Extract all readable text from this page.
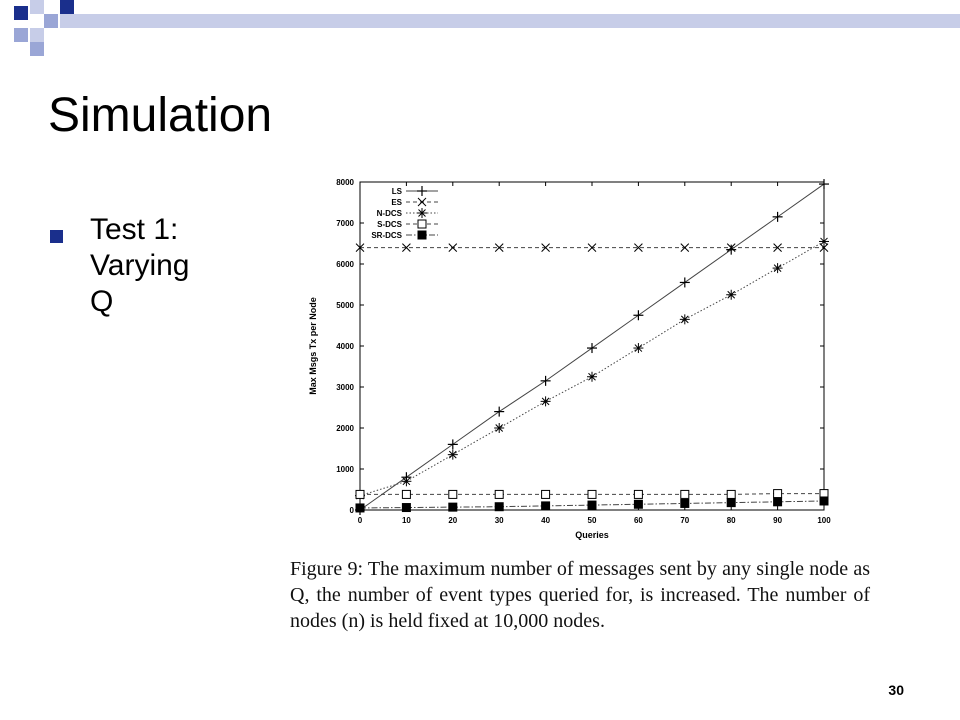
Simulation
Test 1:
Varying
Q
0	10	20	30	40	50	60	70	80	90	100
0
1000
2000
3000
4000
5000
6000
7000
8000
LS
ES
N-DCS
S-DCS
SR-DCS
Queries
Max Msgs Tx per Node
Figure 9: The maximum number of messages sent by any single node as Q, the number of event types queried for, is increased. The number of nodes (n) is held fixed at 10,000 nodes.
30
